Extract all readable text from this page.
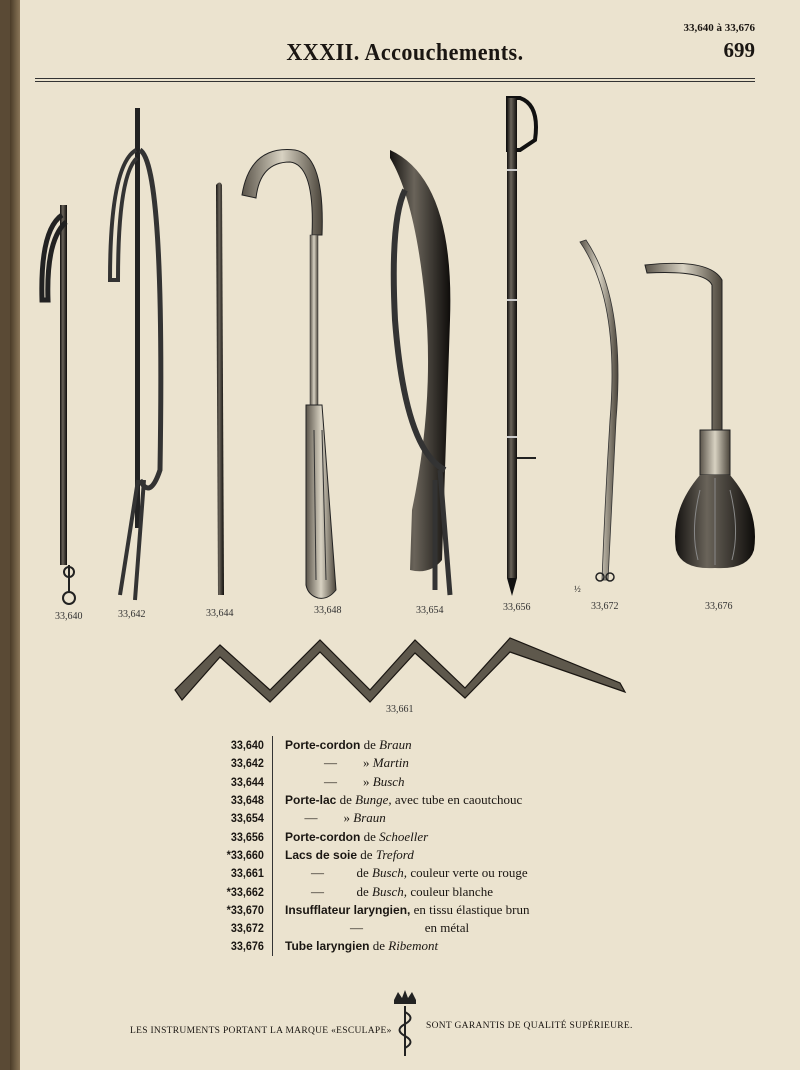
33,640 à 33,676
699
XXXII. Accouchements.
½
33,640	33,642	33,644	33,648	33,654	33,656	33,672	33,676
33,661
33,640	Porte-cordon de Braun
33,642	—        » Martin
33,644	—        » Busch
33,648	Porte-lac de Bunge, avec tube en caoutchouc
33,654	—        » Braun
33,656	Porte-cordon de Schoeller
*33,660	Lacs de soie de Treford
33,661	—          de Busch, couleur verte ou rouge
*33,662	—          de Busch, couleur blanche
*33,670	Insufflateur laryngien, en tissu élastique brun
33,672	—                   en métal
33,676	Tube laryngien de Ribemont
LES INSTRUMENTS PORTANT LA MARQUE «ESCULAPE»	SONT GARANTIS DE QUALITÉ SUPÉRIEURE.
